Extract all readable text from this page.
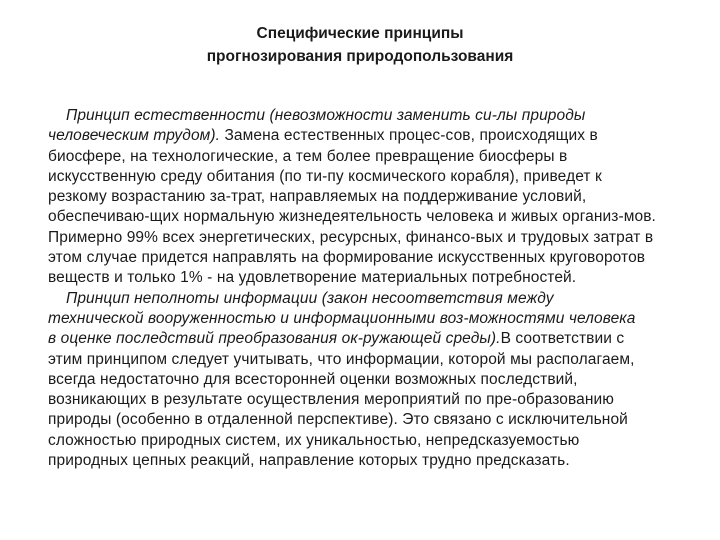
Специфические принципы
прогнозирования природопользования
Принцип естественности (невозможности заменить си-лы природы
человеческим трудом). Замена естественных процес-сов, происходящих в
биосфере, на технологические, а тем более превращение биосферы в
искусственную среду обитания (по ти-пу космического корабля), приведет к
резкому возрастанию за-трат, направляемых на поддерживание условий,
обеспечиваю-щих нормальную жизнедеятельность человека и живых организ-мов.
Примерно 99% всех энергетических, ресурсных, финансо-вых и трудовых затрат в
этом случае придется направлять на формирование искусственных круговоротов
веществ и только 1% - на удовлетворение материальных потребностей.
Принцип неполноты информации (закон несоответствия между
технической вооруженностью и информационными воз-можностями человека
в оценке последствий преобразования ок-ружающей среды).В соответствии с
этим принципом следует учитывать, что информации, которой мы располагаем,
всегда недостаточно для всесторонней оценки возможных последствий,
возникающих в результате осуществления мероприятий по пре-образованию
природы (особенно в отдаленной перспективе). Это связано с исключительной
сложностью природных систем, их уникальностью, непредсказуемостью
природных цепных реакций, направление которых трудно предсказать.
